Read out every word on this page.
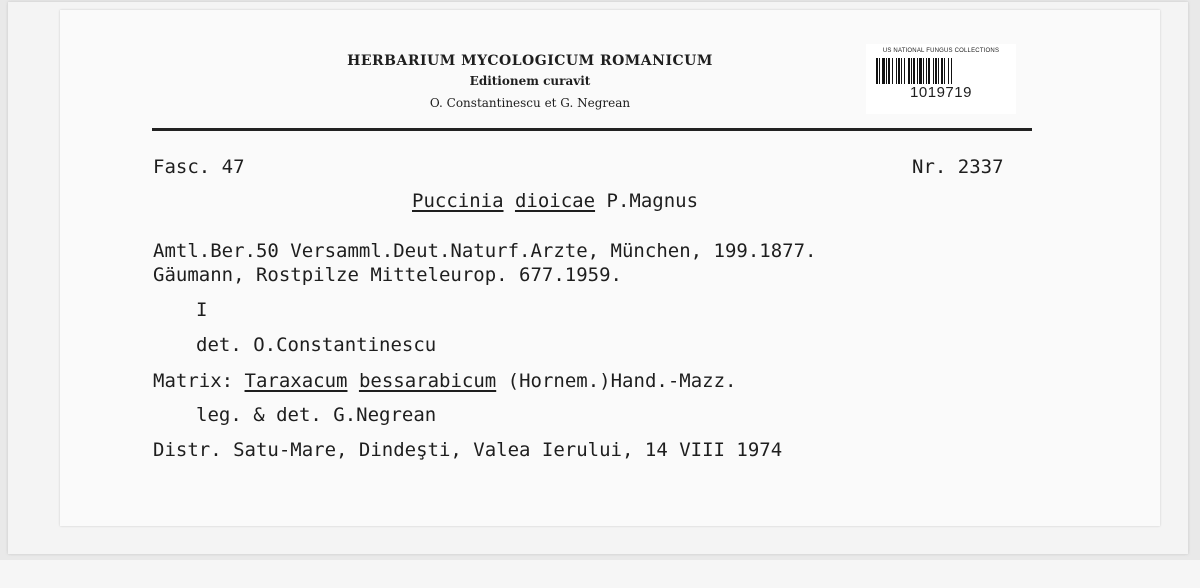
HERBARIUM MYCOLOGICUM ROMANICUM
Editionem curavit
O. Constantinescu et G. Negrean
US NATIONAL FUNGUS COLLECTIONS
1019719
Fasc. 47	Nr. 2337
Puccinia dioicae P.Magnus
Amtl.Ber.50 Versamml.Deut.Naturf.Arzte, München, 199.1877.
Gäumann, Rostpilze Mitteleurop. 677.1959.
I
det. O.Constantinescu
Matrix: Taraxacum bessarabicum (Hornem.)Hand.-Mazz.
leg. & det. G.Negrean
Distr. Satu-Mare, Dindeşti, Valea Ierului, 14 VIII 1974
